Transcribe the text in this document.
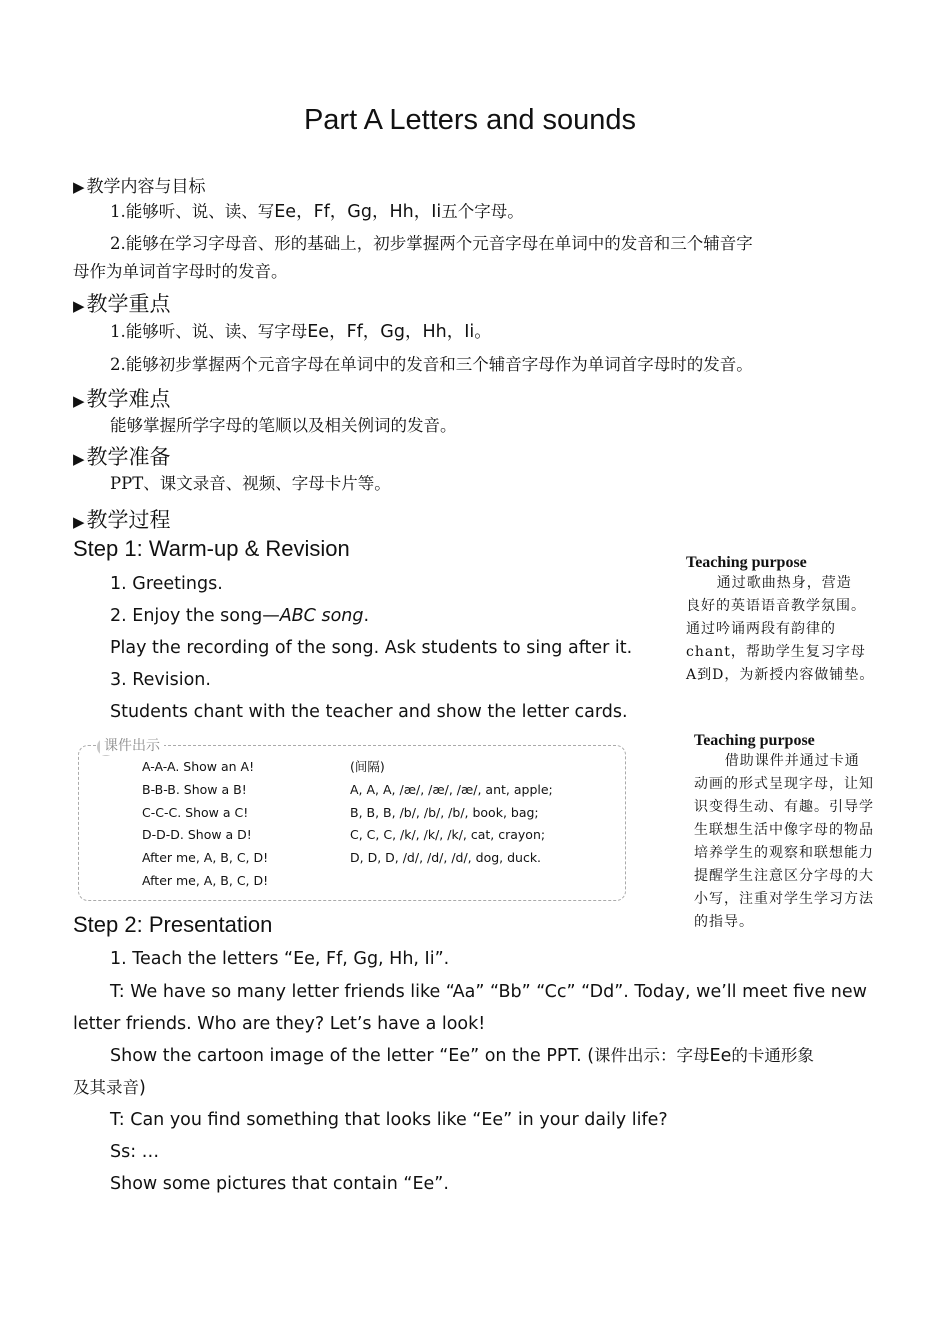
Part A Letters and sounds
▶ 教学内容与目标
1.能够听、说、读、写Ee，Ff，Gg，Hh，Ii五个字母。
2.能够在学习字母音、形的基础上，初步掌握两个元音字母在单词中的发音和三个辅音字
母作为单词首字母时的发音。
▶教学重点
1.能够听、说、读、写字母Ee，Ff，Gg，Hh，Ii。
2.能够初步掌握两个元音字母在单词中的发音和三个辅音字母作为单词首字母时的发音。
▶教学难点
能够掌握所学字母的笔顺以及相关例词的发音。
▶教学准备
PPT、课文录音、视频、字母卡片等。
▶教学过程
Step 1: Warm-up & Revision
1. Greetings.
2. Enjoy the song—ABC song.
Play the recording of the song. Ask students to sing after it.
3. Revision.
Students chant with the teacher and show the letter cards.
课件出示
A-A-A. Show an A!
B-B-B. Show a B!
C-C-C. Show a C!
D-D-D. Show a D!
After me, A, B, C, D!
After me, A, B, C, D!
(间隔)
A, A, A, /æ/, /æ/, /æ/, ant, apple;
B, B, B, /b/, /b/, /b/, book, bag;
C, C, C, /k/, /k/, /k/, cat, crayon;
D, D, D, /d/, /d/, /d/, dog, duck.
Step 2: Presentation
1. Teach the letters “Ee, Ff, Gg, Hh, Ii”.
T: We have so many letter friends like “Aa” “Bb” “Cc” “Dd”. Today, we’ll meet five new
letter friends. Who are they? Let’s have a look!
Show the cartoon image of the letter “Ee” on the PPT. (课件出示：字母Ee的卡通形象
及其录音)
T: Can you find something that looks like “Ee” in your daily life?
Ss: …
Show some pictures that contain “Ee”.
Teaching purpose
通过歌曲热身，营造
良好的英语语音教学氛围。
通过吟诵两段有韵律的
chant，帮助学生复习字母
A到D，为新授内容做铺垫。
Teaching purpose
借助课件并通过卡通
动画的形式呈现字母，让知
识变得生动、有趣。引导学
生联想生活中像字母的物品
培养学生的观察和联想能力
提醒学生注意区分字母的大
小写，注重对学生学习方法
的指导。
